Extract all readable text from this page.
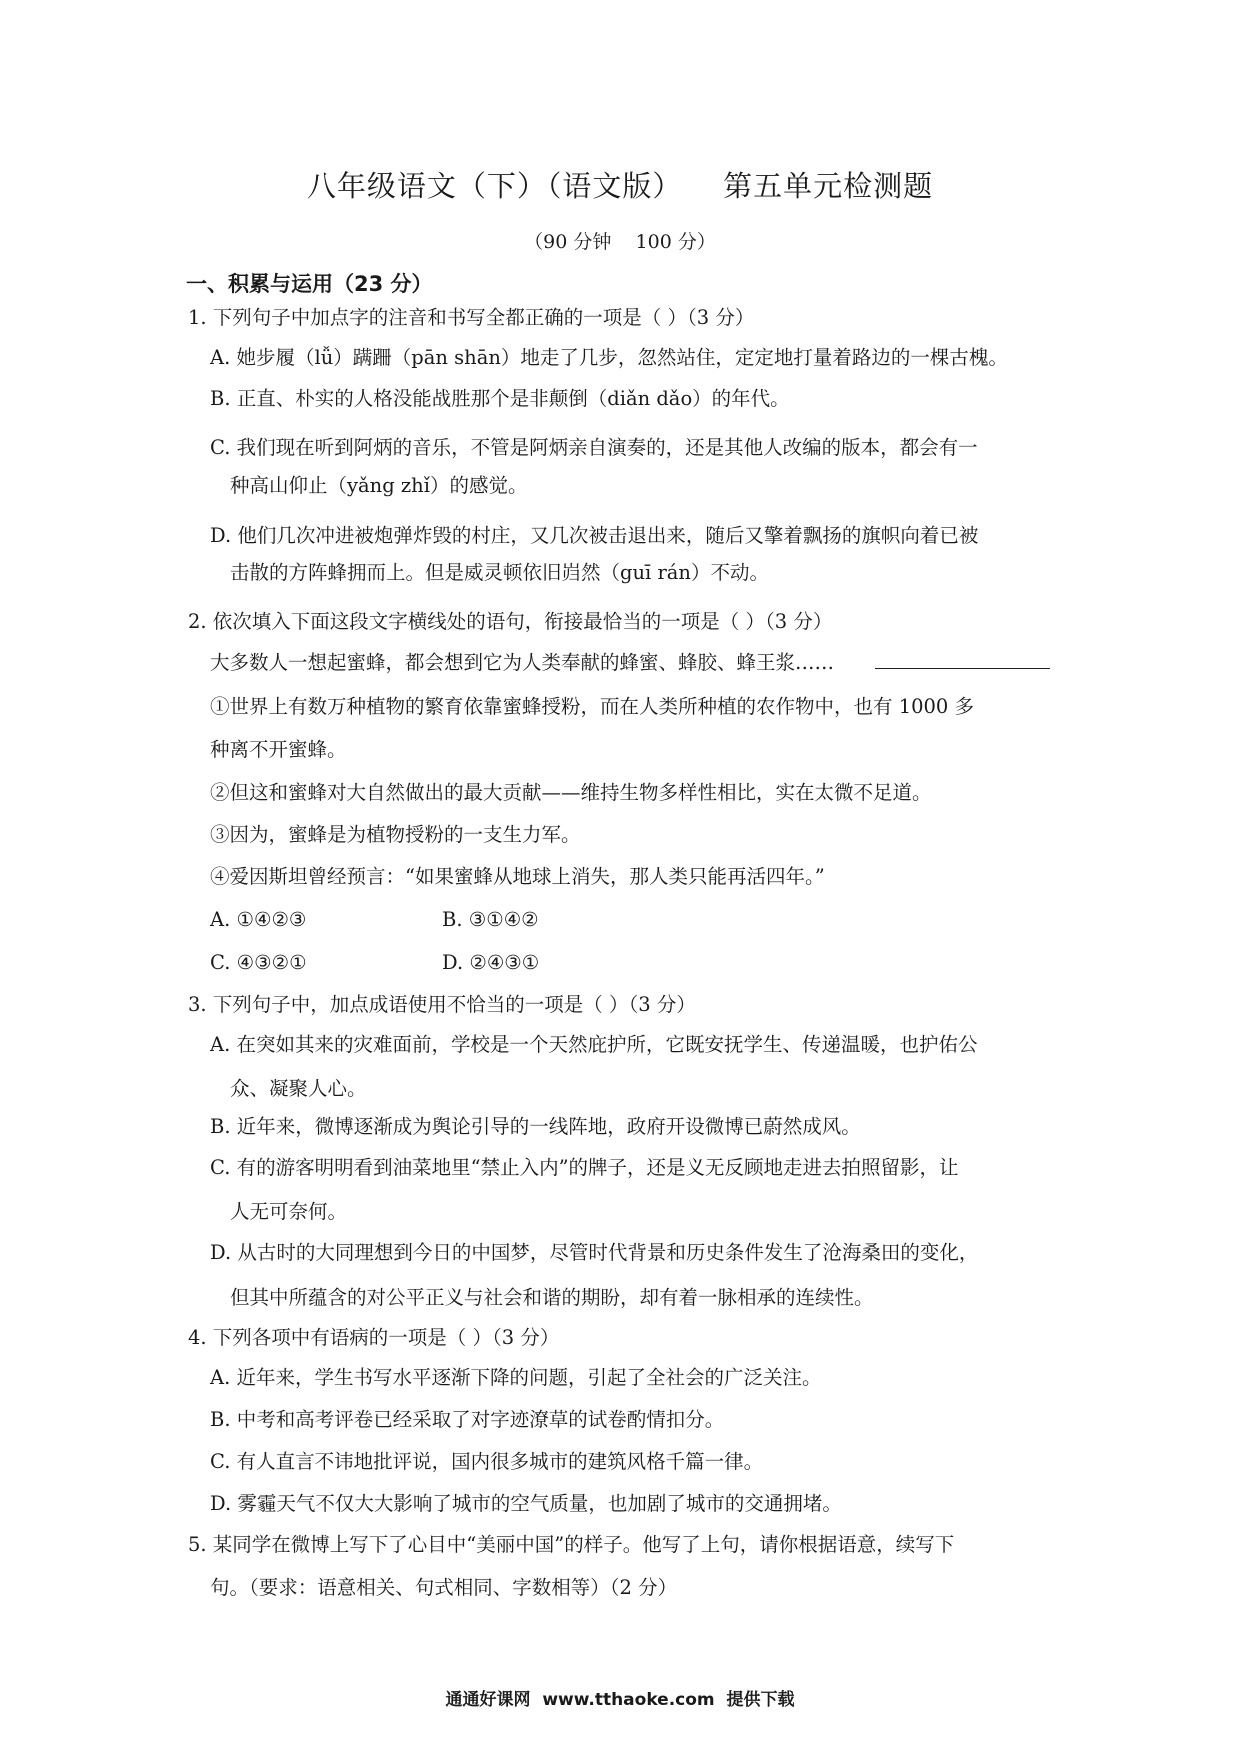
八年级语文（下）（语文版）    第五单元检测题
（90 分钟    100 分）
一、积累与运用（23 分）
1. 下列句子中加点字的注音和书写全都正确的一项是（ ）（3 分）
A. 她步履（lǚ）蹒跚（pān shān）地走了几步，忽然站住，定定地打量着路边的一棵古槐。
B. 正直、朴实的人格没能战胜那个是非颠倒（diǎn dǎo）的年代。
C. 我们现在听到阿炳的音乐，不管是阿炳亲自演奏的，还是其他人改编的版本，都会有一
种高山仰止（yǎng zhǐ）的感觉。
D. 他们几次冲进被炮弹炸毁的村庄，又几次被击退出来，随后又擎着飘扬的旗帜向着已被
击散的方阵蜂拥而上。但是威灵顿依旧岿然（guī rán）不动。
2. 依次填入下面这段文字横线处的语句，衔接最恰当的一项是（ ）（3 分）
大多数人一想起蜜蜂，都会想到它为人类奉献的蜂蜜、蜂胶、蜂王浆……
①世界上有数万种植物的繁育依靠蜜蜂授粉，而在人类所种植的农作物中，也有 1000 多
种离不开蜜蜂。
②但这和蜜蜂对大自然做出的最大贡献——维持生物多样性相比，实在太微不足道。
③因为，蜜蜂是为植物授粉的一支生力军。
④爱因斯坦曾经预言：“如果蜜蜂从地球上消失，那人类只能再活四年。”
A. ①④②③	B. ③①④②
C. ④③②①	D. ②④③①
3. 下列句子中，加点成语使用不恰当的一项是（ ）（3 分）
A. 在突如其来的灾难面前，学校是一个天然庇护所，它既安抚学生、传递温暖，也护佑公
众、凝聚人心。
B. 近年来，微博逐渐成为舆论引导的一线阵地，政府开设微博已蔚然成风。
C. 有的游客明明看到油菜地里“禁止入内”的牌子，还是义无反顾地走进去拍照留影，让
人无可奈何。
D. 从古时的大同理想到今日的中国梦，尽管时代背景和历史条件发生了沧海桑田的变化，
但其中所蕴含的对公平正义与社会和谐的期盼，却有着一脉相承的连续性。
4. 下列各项中有语病的一项是（ ）（3 分）
A. 近年来，学生书写水平逐渐下降的问题，引起了全社会的广泛关注。
B. 中考和高考评卷已经采取了对字迹潦草的试卷酌情扣分。
C. 有人直言不讳地批评说，国内很多城市的建筑风格千篇一律。
D. 雾霾天气不仅大大影响了城市的空气质量，也加剧了城市的交通拥堵。
5. 某同学在微博上写下了心目中“美丽中国”的样子。他写了上句，请你根据语意，续写下
句。（要求：语意相关、句式相同、字数相等）（2 分）
通通好课网  www.tthaoke.com  提供下载
